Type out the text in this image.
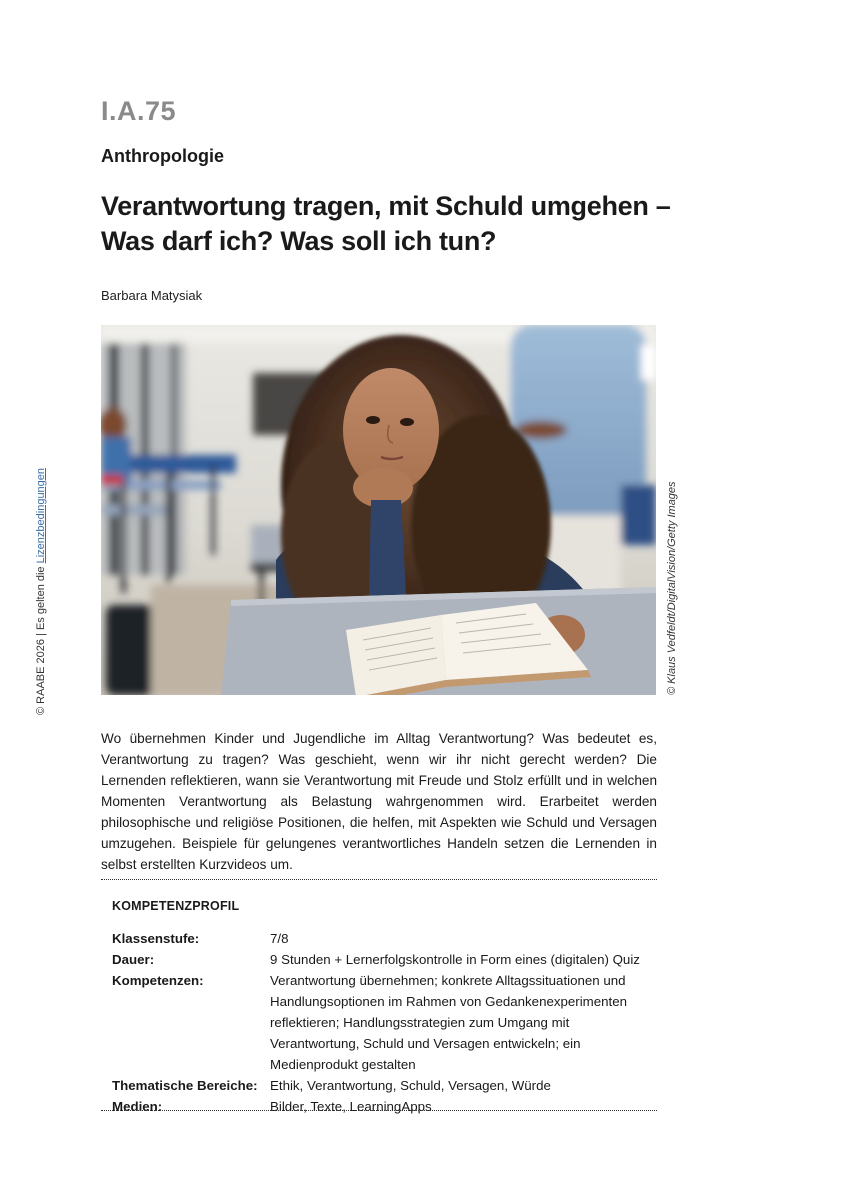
I.A.75
Anthropologie
Verantwortung tragen, mit Schuld umgehen –
Was darf ich? Was soll ich tun?
Barbara Matysiak
© RAABE 2026 | Es gelten die Lizenzbedingungen	© Klaus Vedfeldt/DigitalVision/Getty Images

Wo übernehmen Kinder und Jugendliche im Alltag Verantwortung? Was bedeutet es, Verantwortung zu tragen? Was geschieht, wenn wir ihr nicht gerecht werden? Die Lernenden reflektieren, wann sie Verantwortung mit Freude und Stolz erfüllt und in welchen Momenten Verantwortung als Belastung wahrgenommen wird. Erarbeitet werden philosophische und religiöse Positionen, die helfen, mit Aspekten wie Schuld und Versagen umzugehen. Beispiele für gelungenes verantwortliches Handeln setzen die Lernenden in selbst erstellten Kurzvideos um.

KOMPETENZPROFIL
Klassenstufe:	7/8
Dauer:	9 Stunden + Lernerfolgskontrolle in Form eines (digitalen) Quiz
Kompetenzen:	Verantwortung übernehmen; konkrete Alltagssituationen und Handlungsoptionen im Rahmen von Gedankenexperimenten reflektieren; Handlungsstrategien zum Umgang mit Verantwortung, Schuld und Versagen entwickeln; ein Medienprodukt gestalten
Thematische Bereiche: Ethik, Verantwortung, Schuld, Versagen, Würde
Medien:	Bilder, Texte, LearningApps
